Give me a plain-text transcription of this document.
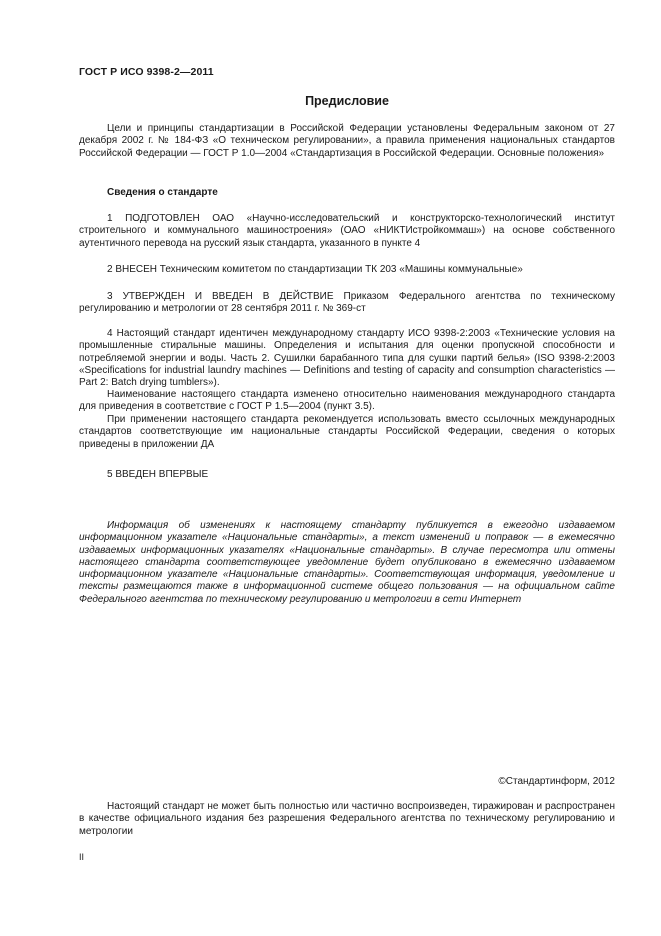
ГОСТ Р ИСО 9398-2—2011
Предисловие

Цели и принципы стандартизации в Российской Федерации установлены Федеральным законом от 27 декабря 2002 г. № 184-ФЗ «О техническом регулировании», а правила применения национальных стандартов Российской Федерации — ГОСТ Р 1.0—2004 «Стандартизация в Российской Федерации. Основные положения»

Сведения о стандарте

1 ПОДГОТОВЛЕН ОАО «Научно-исследовательский и конструкторско-технологический институт строительного и коммунального машиностроения» (ОАО «НИКТИстройкоммаш») на основе собственного аутентичного перевода на русский язык стандарта, указанного в пункте 4

2 ВНЕСЕН Техническим комитетом по стандартизации ТК 203 «Машины коммунальные»

3 УТВЕРЖДЕН И ВВЕДЕН В ДЕЙСТВИЕ Приказом Федерального агентства по техническому регулированию и метрологии от 28 сентября 2011 г. № 369-ст

4 Настоящий стандарт идентичен международному стандарту ИСО 9398-2:2003 «Технические условия на промышленные стиральные машины. Определения и испытания для оценки пропускной способности и потребляемой энергии и воды. Часть 2. Сушилки барабанного типа для сушки партий белья» (ISO 9398-2:2003 «Specifications for industrial laundry machines — Definitions and testing of capacity and consumption characteristics — Part 2: Batch drying tumblers»).

Наименование настоящего стандарта изменено относительно наименования международного стандарта для приведения в соответствие с ГОСТ Р 1.5—2004 (пункт 3.5).

При применении настоящего стандарта рекомендуется использовать вместо ссылочных международных стандартов соответствующие им национальные стандарты Российской Федерации, сведения о которых приведены в приложении ДА

5 ВВЕДЕН ВПЕРВЫЕ

Информация об изменениях к настоящему стандарту публикуется в ежегодно издаваемом информационном указателе «Национальные стандарты», а текст изменений и поправок — в ежемесячно издаваемых информационных указателях «Национальные стандарты». В случае пересмотра или отмены настоящего стандарта соответствующее уведомление будет опубликовано в ежемесячно издаваемом информационном указателе «Национальные стандарты». Соответствующая информация, уведомление и тексты размещаются также в информационной системе общего пользования — на официальном сайте Федерального агентства по техническому регулированию и метрологии в сети Интернет

©Стандартинформ, 2012

Настоящий стандарт не может быть полностью или частично воспроизведен, тиражирован и распространен в качестве официального издания без разрешения Федерального агентства по техническому регулированию и метрологии

II
